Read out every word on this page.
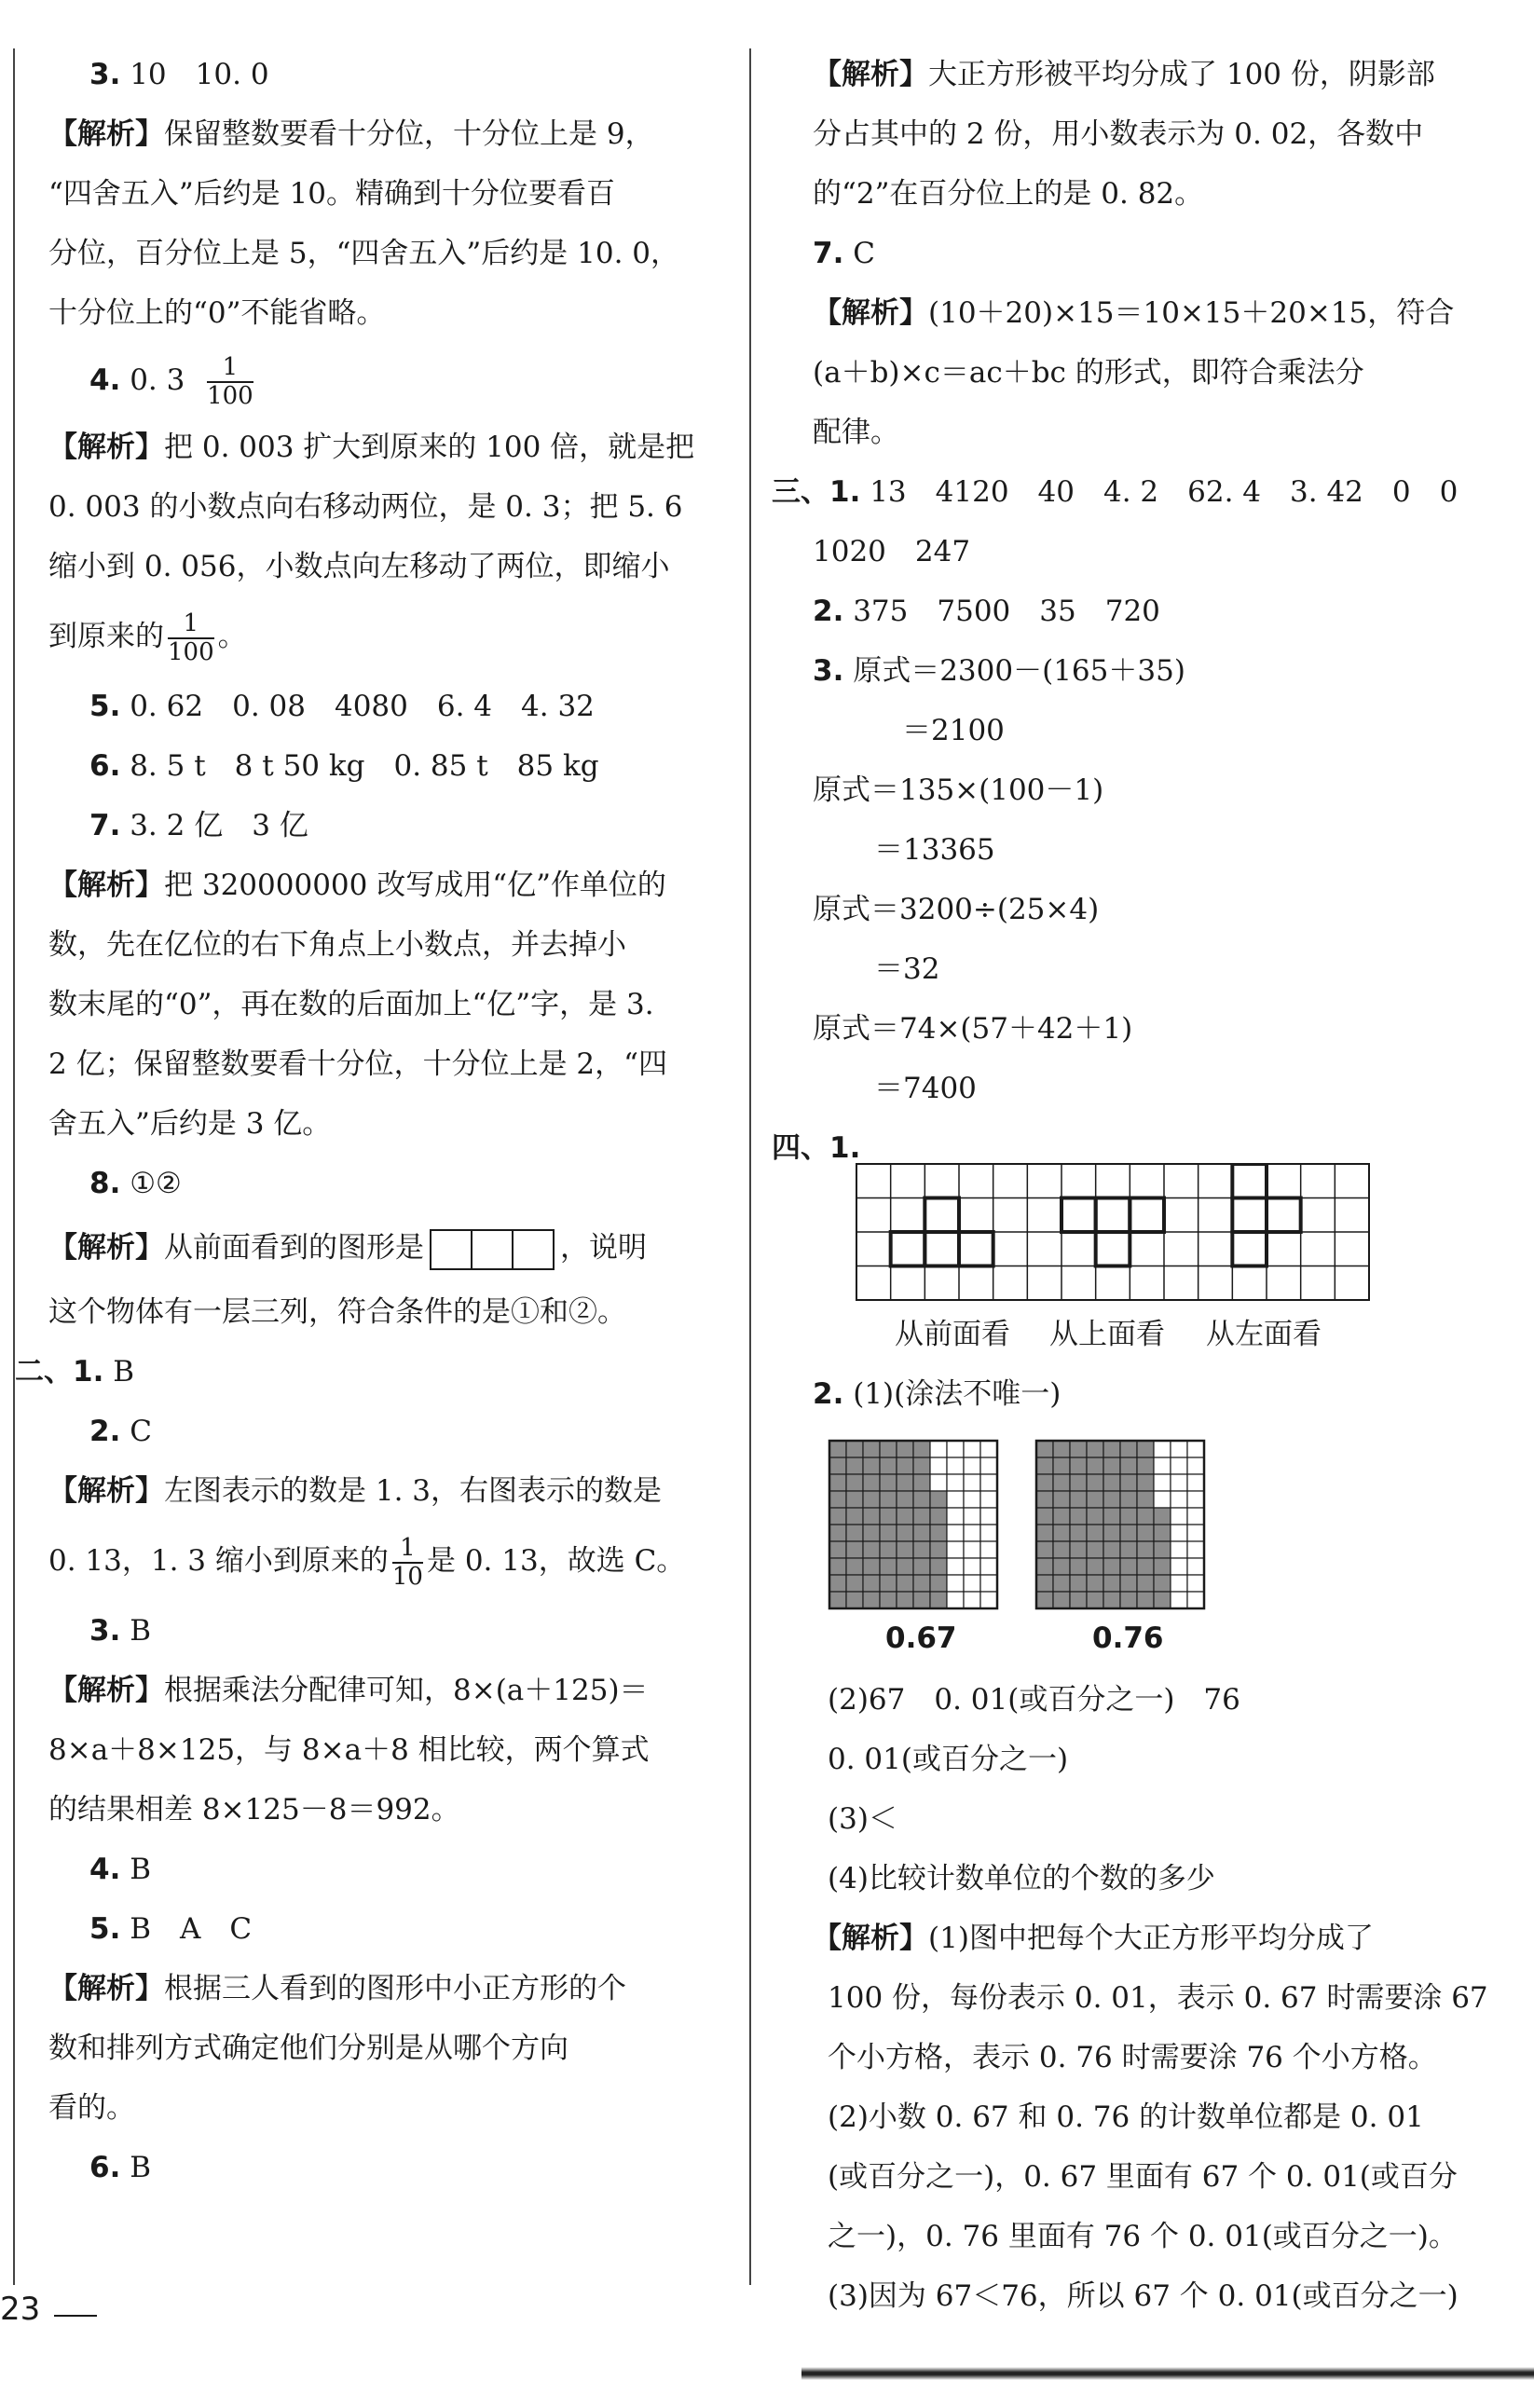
3. 10　10. 0
【解析】保留整数要看十分位，十分位上是 9，
“四舍五入”后约是 10。精确到十分位要看百
分位，百分位上是 5，“四舍五入”后约是 10. 0，
十分位上的“0”不能省略。
4. 0. $3 \frac{1}{100}$
【解析】把 0. 003 扩大到原来的 100 倍，就是把
0. 003 的小数点向右移动两位，是 0. 3；把 5. 6
缩小到 0. 056，小数点向左移动了两位，即缩小
到原来的 $\frac{1}{100}$ 。
5. 0. 62　0. 08　4080　6. 4　4. 32
6. 8. 5 t　8 t 50 kg　0. 85 t　85 kg
7. 3. 2 亿　3 亿
【解析】把 320000000 改写成用“亿”作单位的
数，先在亿位的右下角点上小数点，并去掉小
数末尾的“0”，再在数的后面加上“亿”字，是 3.
2 亿；保留整数要看十分位，十分位上是 2，“四
舍五入”后约是 3 亿。
8. ①②
【解析】从前面看到的图形是	，说明
这个物体有一层三列，符合条件的是①和②。
二、1. B
2. C
【解析】左图表示的数是 1. 3，右图表示的数是
0. 13，1. 3 缩小到原来的 $\frac{1}{10}$ 是 0. 13，故选 C。
3. B
【解析】根据乘法分配律可知，8×(a＋125)＝
8×a＋8×125，与 8×a＋8 相比较，两个算式
的结果相差 8×125－8＝992。
4. B
5. B　A　C
【解析】根据三人看到的图形中小正方形的个
数和排列方式确定他们分别是从哪个方向
看的。
6. B
【解析】大正方形被平均分成了 100 份，阴影部
分占其中的 2 份，用小数表示为 0. 02，各数中
的“2”在百分位上的是 0. 82。
7. C
【解析】(10＋20)×15＝10×15＋20×15，符合
(a＋b)×c＝ac＋bc 的形式，即符合乘法分
配律。
三、1. 13　4120　40　4. 2　62. 4　3. 42　0　0
1020　247
2. 375　7500　35　720
3. 原式＝2300－(165＋35)
＝2100
原式＝135×(100－1)
＝13365
原式＝3200÷(25×4)
＝32
原式＝74×(57＋42＋1)
＝7400
四、1.
从前面看 从上面看 从左面看
2. (1)(涂法不唯一)
0.67	0.76
(2)67　0. 01(或百分之一)　76
0. 01(或百分之一)
(3)＜
(4)比较计数单位的个数的多少
【解析】(1)图中把每个大正方形平均分成了
100 份，每份表示 0. 01，表示 0. 67 时需要涂 67
个小方格，表示 0. 76 时需要涂 76 个小方格。
(2)小数 0. 67 和 0. 76 的计数单位都是 0. 01
(或百分之一)，0. 67 里面有 67 个 0. 01(或百分
之一)，0. 76 里面有 76 个 0. 01(或百分之一)。
(3)因为 67＜76，所以 67 个 0. 01(或百分之一)
23
